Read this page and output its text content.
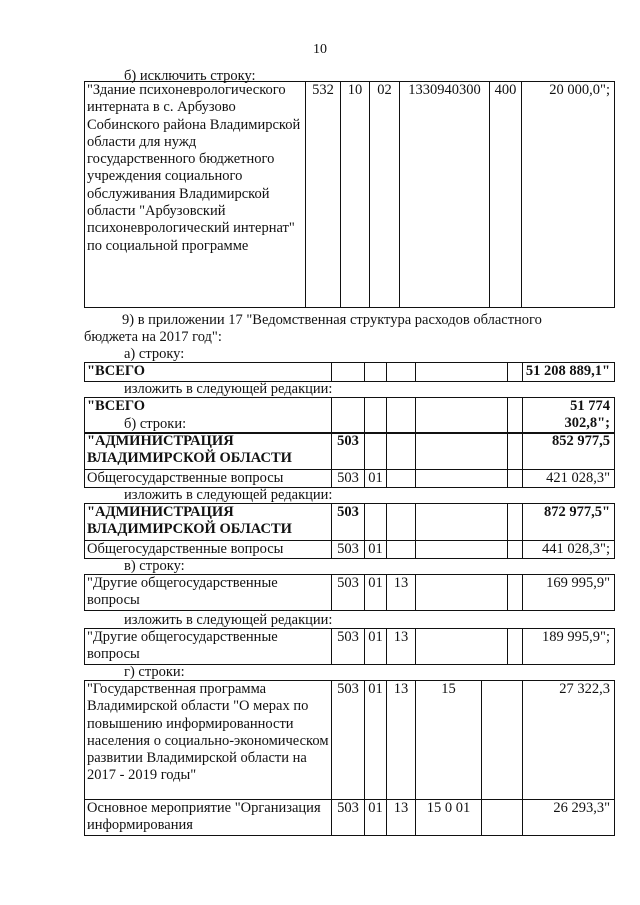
10
б) исключить строку:
"Здание психоневрологического интерната в с. Арбузово Собинского района Владимирской области для нужд государственного бюджетного учреждения социального обслуживания Владимирской области "Арбузовский психоневрологический интернат" по социальной программе	532	10	02	1330940300	400	20 000,0";
9) в приложении 17 "Ведомственная структура расходов областного
бюджета на 2017 год":
а) строку:
"ВСЕГО						51 208 889,1"
изложить в следующей редакции:
"ВСЕГО						51 774 302,8";
б) строки:
"АДМИНИСТРАЦИЯ ВЛАДИМИРСКОЙ ОБЛАСТИ	503					852 977,5
Общегосударственные вопросы	503	01				421 028,3"
изложить в следующей редакции:
"АДМИНИСТРАЦИЯ ВЛАДИМИРСКОЙ ОБЛАСТИ	503					872 977,5"
Общегосударственные вопросы	503	01				441 028,3";
в) строку:
"Другие общегосударственные вопросы	503	01	13			169 995,9"
изложить в следующей редакции:
"Другие общегосударственные вопросы	503	01	13			189 995,9";
г) строки:
"Государственная программа Владимирской области "О мерах по повышению информированности населения о социально-экономическом развитии Владимирской области на 2017 - 2019 годы"	503	01	13	15		27 322,3
Основное мероприятие "Организация информирования	503	01	13	15 0 01		26 293,3"
